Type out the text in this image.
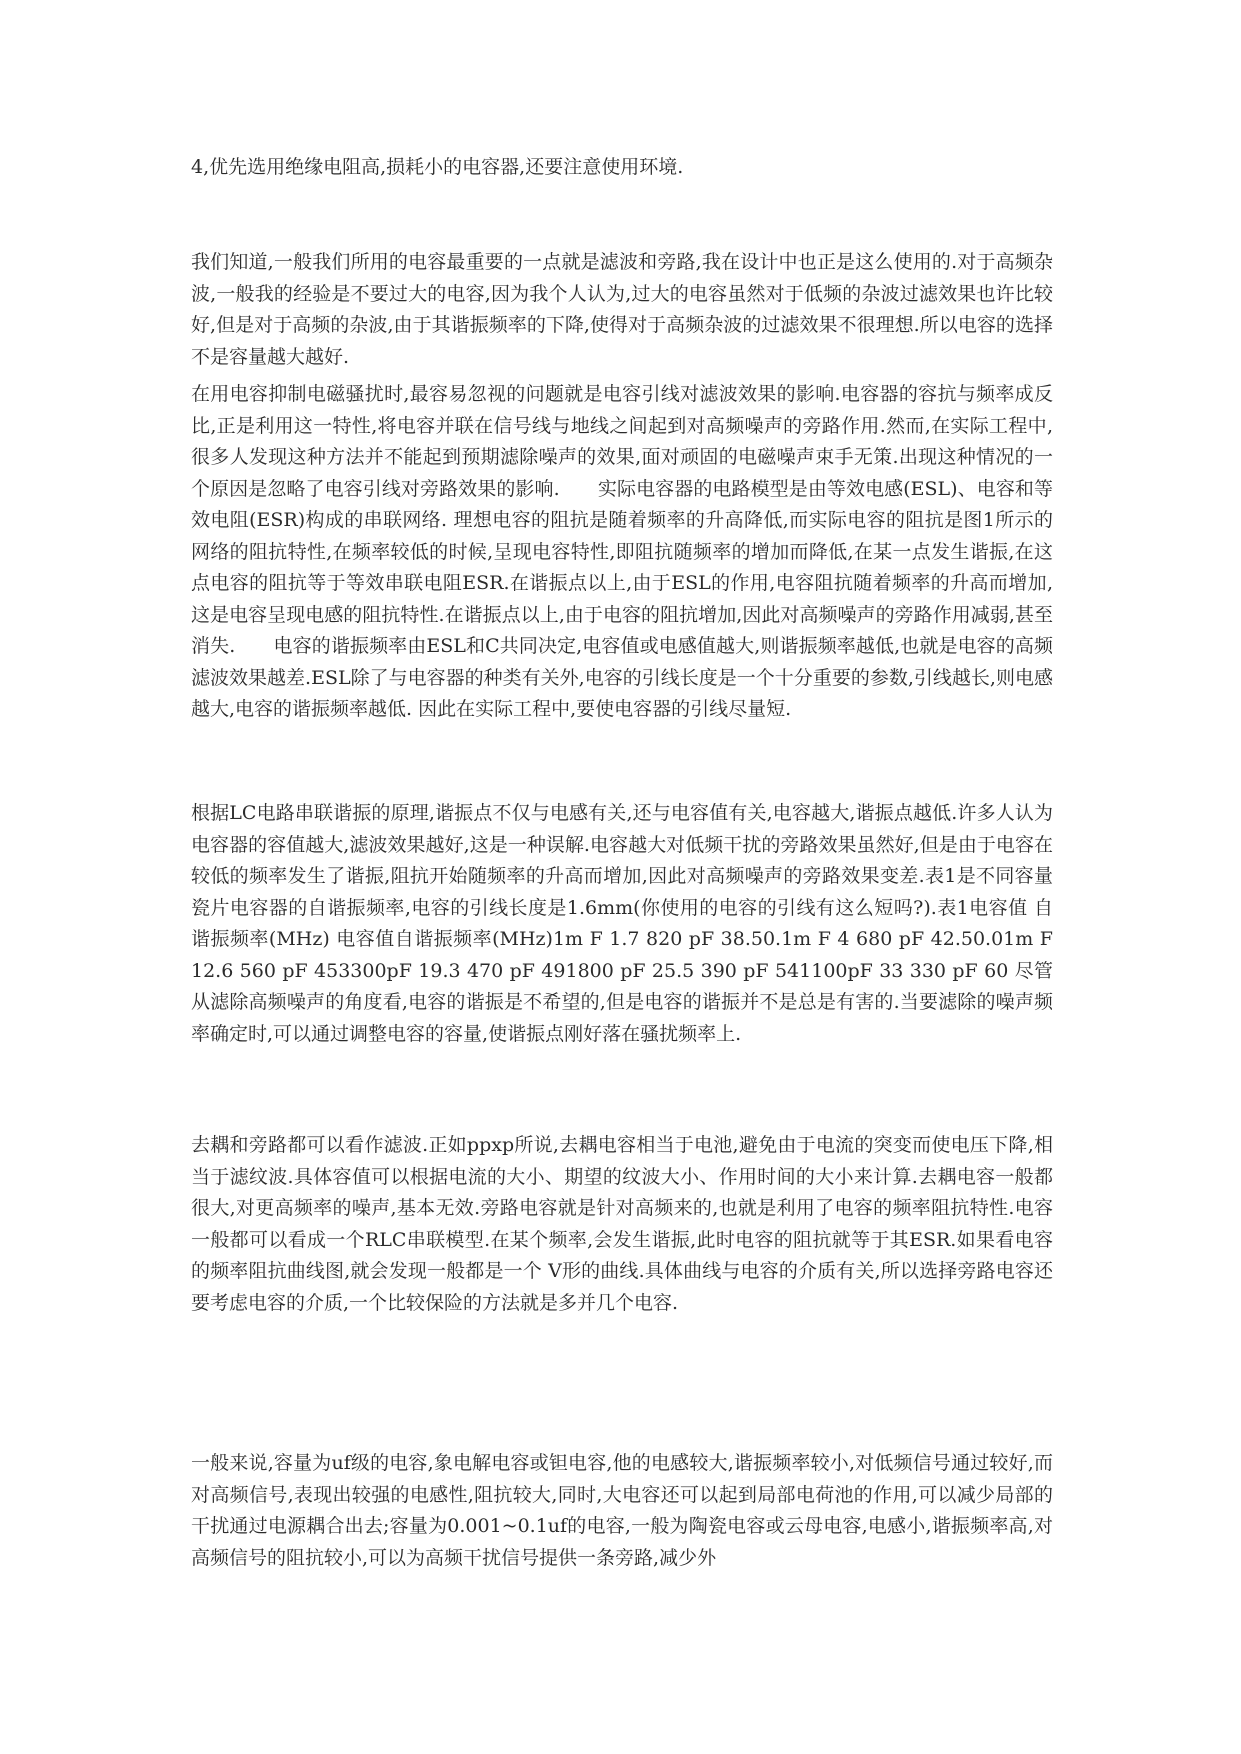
4,优先选用绝缘电阻高,损耗小的电容器,还要注意使用环境.

我们知道,一般我们所用的电容最重要的一点就是滤波和旁路,我在设计中也正是这么使用的.对于高频杂波,一般我的经验是不要过大的电容,因为我个人认为,过大的电容虽然对于低频的杂波过滤效果也许比较好,但是对于高频的杂波,由于其谐振频率的下降,使得对于高频杂波的过滤效果不很理想.所以电容的选择不是容量越大越好.

在用电容抑制电磁骚扰时,最容易忽视的问题就是电容引线对滤波效果的影响.电容器的容抗与频率成反比,正是利用这一特性,将电容并联在信号线与地线之间起到对高频噪声的旁路作用.然而,在实际工程中,很多人发现这种方法并不能起到预期滤除噪声的效果,面对顽固的电磁噪声束手无策.出现这种情况的一个原因是忽略了电容引线对旁路效果的影响.　　实际电容器的电路模型是由等效电感(ESL)、电容和等效电阻(ESR)构成的串联网络. 理想电容的阻抗是随着频率的升高降低,而实际电容的阻抗是图1所示的网络的阻抗特性,在频率较低的时候,呈现电容特性,即阻抗随频率的增加而降低,在某一点发生谐振,在这点电容的阻抗等于等效串联电阻ESR.在谐振点以上,由于ESL的作用,电容阻抗随着频率的升高而增加,这是电容呈现电感的阻抗特性.在谐振点以上,由于电容的阻抗增加,因此对高频噪声的旁路作用减弱,甚至消失.　　电容的谐振频率由ESL和C共同决定,电容值或电感值越大,则谐振频率越低,也就是电容的高频滤波效果越差.ESL除了与电容器的种类有关外,电容的引线长度是一个十分重要的参数,引线越长,则电感越大,电容的谐振频率越低. 因此在实际工程中,要使电容器的引线尽量短.

根据LC电路串联谐振的原理,谐振点不仅与电感有关,还与电容值有关,电容越大,谐振点越低.许多人认为电容器的容值越大,滤波效果越好,这是一种误解.电容越大对低频干扰的旁路效果虽然好,但是由于电容在较低的频率发生了谐振,阻抗开始随频率的升高而增加,因此对高频噪声的旁路效果变差.表1是不同容量瓷片电容器的自谐振频率,电容的引线长度是1.6mm(你使用的电容的引线有这么短吗?).表1电容值 自谐振频率(MHz) 电容值自谐振频率(MHz)1m F 1.7 820 pF 38.50.1m F 4 680 pF 42.50.01m F 12.6 560 pF 453300pF 19.3 470 pF 491800 pF 25.5 390 pF 541100pF 33 330 pF 60 尽管从滤除高频噪声的角度看,电容的谐振是不希望的,但是电容的谐振并不是总是有害的.当要滤除的噪声频率确定时,可以通过调整电容的容量,使谐振点刚好落在骚扰频率上.

去耦和旁路都可以看作滤波.正如ppxp所说,去耦电容相当于电池,避免由于电流的突变而使电压下降,相当于滤纹波.具体容值可以根据电流的大小、期望的纹波大小、作用时间的大小来计算.去耦电容一般都很大,对更高频率的噪声,基本无效.旁路电容就是针对高频来的,也就是利用了电容的频率阻抗特性.电容一般都可以看成一个RLC串联模型.在某个频率,会发生谐振,此时电容的阻抗就等于其ESR.如果看电容的频率阻抗曲线图,就会发现一般都是一个 V形的曲线.具体曲线与电容的介质有关,所以选择旁路电容还要考虑电容的介质,一个比较保险的方法就是多并几个电容.

一般来说,容量为uf级的电容,象电解电容或钽电容,他的电感较大,谐振频率较小,对低频信号通过较好,而对高频信号,表现出较强的电感性,阻抗较大,同时,大电容还可以起到局部电荷池的作用,可以减少局部的干扰通过电源耦合出去;容量为0.001~0.1uf的电容,一般为陶瓷电容或云母电容,电感小,谐振频率高,对高频信号的阻抗较小,可以为高频干扰信号提供一条旁路,减少外
